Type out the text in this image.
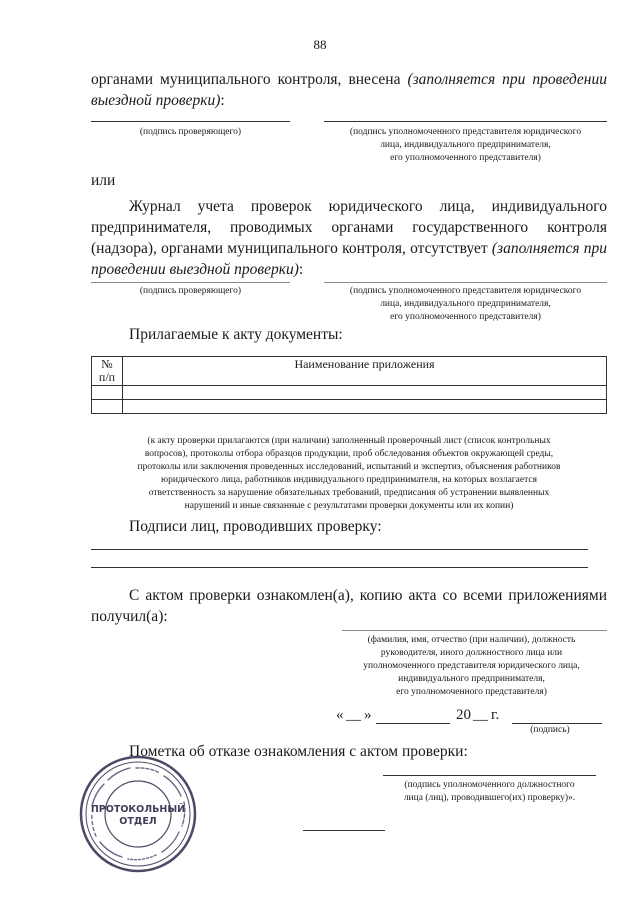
88
органами муниципального контроля, внесена (заполняется при проведении выездной проверки):
(подпись проверяющего)	(подпись уполномоченного представителя юридического
лица, индивидуального предпринимателя,
его уполномоченного представителя)
или
Журнал учета проверок юридического лица, индивидуального предпринимателя, проводимых органами государственного контроля (надзора), органами муниципального контроля, отсутствует (заполняется при проведении выездной проверки):
(подпись проверяющего)	(подпись уполномоченного представителя юридического
лица, индивидуального предпринимателя,
его уполномоченного представителя)
Прилагаемые к акту документы:
№
п/п	Наименование приложения

(к акту проверки прилагаются (при наличии) заполненный проверочный лист (список контрольных
вопросов), протоколы отбора образцов продукции, проб обследования объектов окружающей среды,
протоколы или заключения проведенных исследований, испытаний и экспертиз, объяснения работников
юридического лица, работников индивидуального предпринимателя, на которых возлагается
ответственность за нарушение обязательных требований, предписания об устранении выявленных
нарушений и иные связанные с результатами проверки документы или их копии)
Подписи лиц, проводивших проверку:
С актом проверки ознакомлен(а), копию акта со всеми приложениями получил(а):
(фамилия, имя, отчество (при наличии), должность
руководителя, иного должностного лица или
уполномоченного представителя юридического лица,
индивидуального предпринимателя,
его уполномоченного представителя)
« __ »	20 __ г.
(подпись)
Пометка об отказе ознакомления с актом проверки:
(подпись уполномоченного должностного
лица (лиц), проводившего(их) проверку)».
ПРОТОКОЛЬНЫЙ
ОТДЕЛ
